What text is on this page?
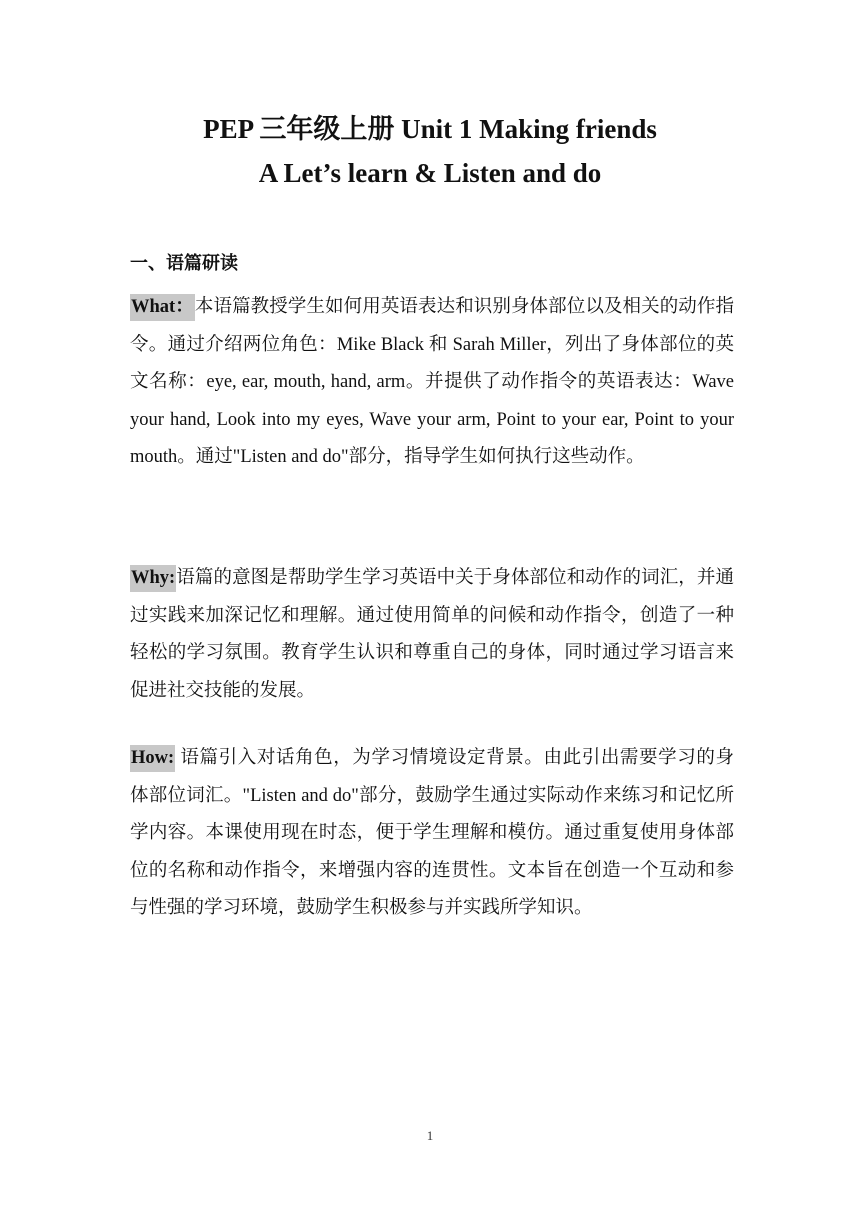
PEP 三年级上册 Unit 1 Making friends
A Let’s learn & Listen and do
一、语篇研读

What：本语篇教授学生如何用英语表达和识别身体部位以及相关的动作指令。通过介绍两位角色：Mike Black 和 Sarah Miller，列出了身体部位的英文名称：eye, ear, mouth, hand, arm。并提供了动作指令的英语表达：Wave your hand, Look into my eyes, Wave your arm, Point to your ear, Point to your mouth。通过"Listen and do"部分，指导学生如何执行这些动作。

Why:语篇的意图是帮助学生学习英语中关于身体部位和动作的词汇，并通过实践来加深记忆和理解。通过使用简单的问候和动作指令，创造了一种轻松的学习氛围。教育学生认识和尊重自己的身体，同时通过学习语言来促进社交技能的发展。

How: 语篇引入对话角色，为学习情境设定背景。由此引出需要学习的身体部位词汇。"Listen and do"部分，鼓励学生通过实际动作来练习和记忆所学内容。本课使用现在时态，便于学生理解和模仿。通过重复使用身体部位的名称和动作指令，来增强内容的连贯性。文本旨在创造一个互动和参与性强的学习环境，鼓励学生积极参与并实践所学知识。

1
